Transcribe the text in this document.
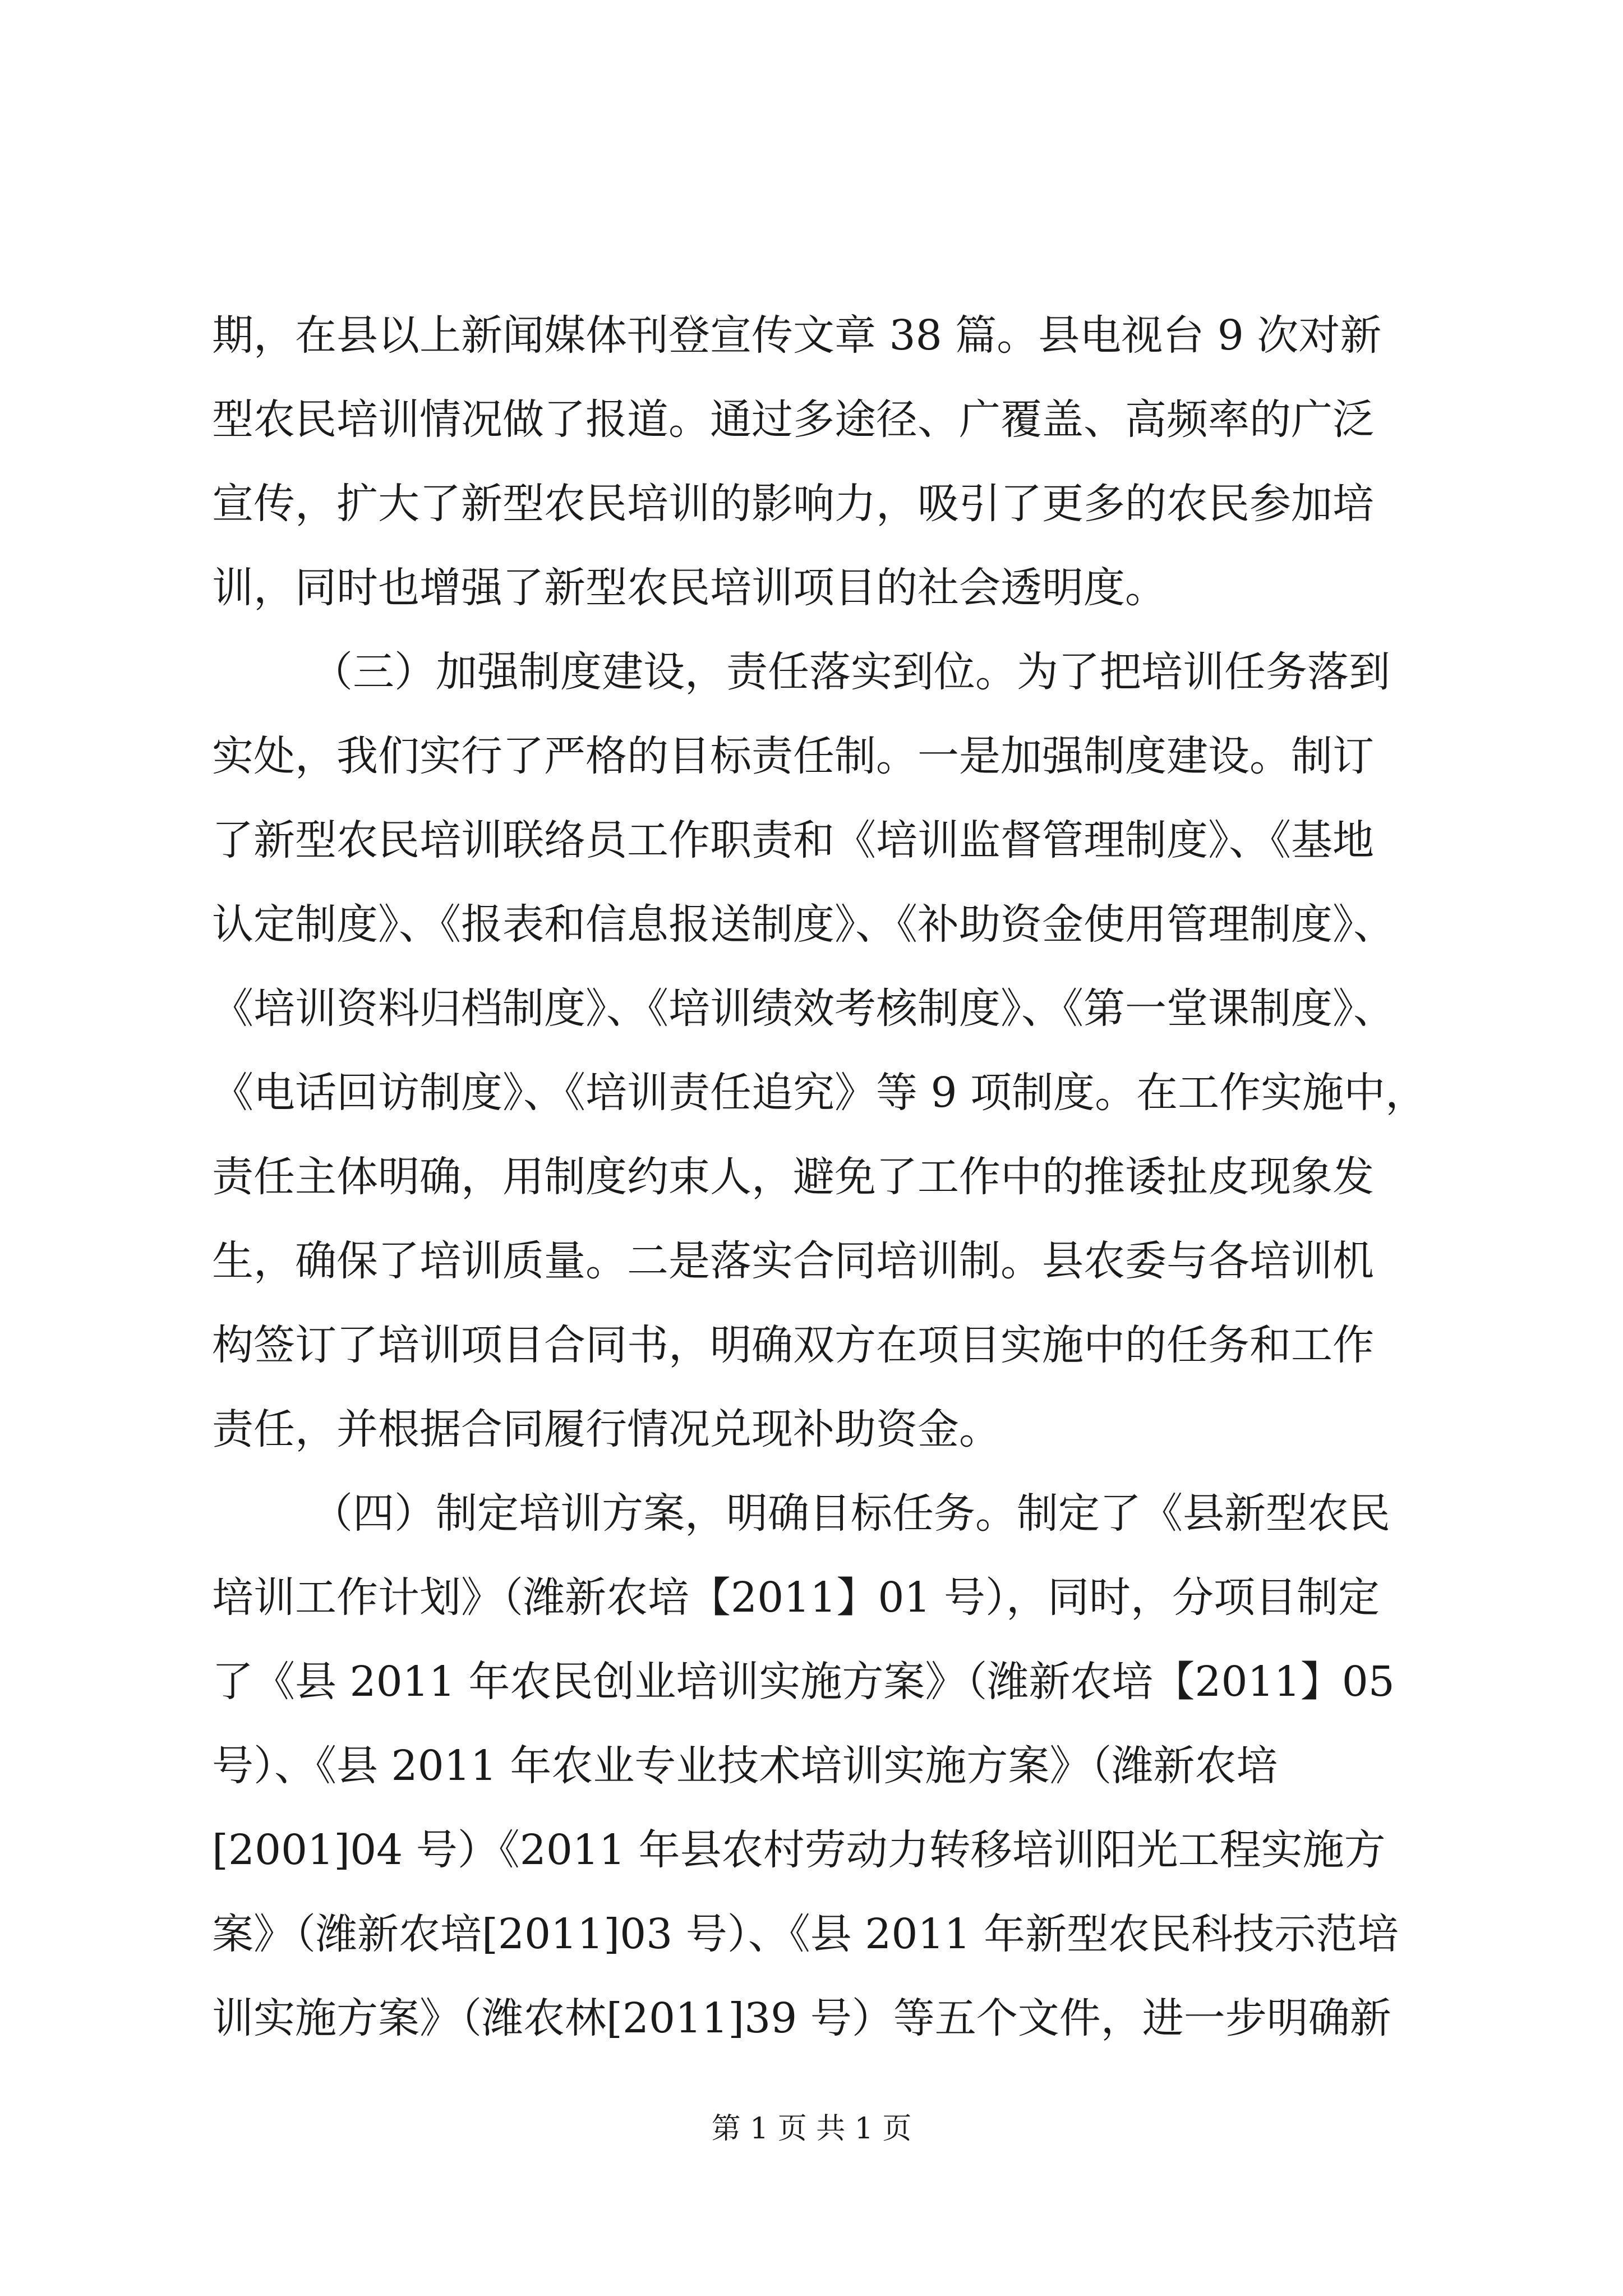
期，在县以上新闻媒体刊登宣传文章 38 篇。县电视台 9 次对新

型农民培训情况做了报道。通过多途径、广覆盖、高频率的广泛

宣传，扩大了新型农民培训的影响力，吸引了更多的农民参加培

训，同时也增强了新型农民培训项目的社会透明度。

（三）加强制度建设，责任落实到位。为了把培训任务落到

实处，我们实行了严格的目标责任制。一是加强制度建设。制订

了新型农民培训联络员工作职责和《培训监督管理制度》、《基地

认定制度》、《报表和信息报送制度》、《补助资金使用管理制度》、

《培训资料归档制度》、《培训绩效考核制度》、《第一堂课制度》、

《电话回访制度》、《培训责任追究》等 9 项制度。在工作实施中，

责任主体明确，用制度约束人，避免了工作中的推诿扯皮现象发

生，确保了培训质量。二是落实合同培训制。县农委与各培训机

构签订了培训项目合同书，明确双方在项目实施中的任务和工作

责任，并根据合同履行情况兑现补助资金。

（四）制定培训方案，明确目标任务。制定了《县新型农民

培训工作计划》（潍新农培【2011】01 号），同时，分项目制定

了《县 2011 年农民创业培训实施方案》（潍新农培【2011】05

号）、《县 2011 年农业专业技术培训实施方案》（潍新农培

[2001]04 号）《2011 年县农村劳动力转移培训阳光工程实施方

案》（潍新农培[2011]03 号）、《县 2011 年新型农民科技示范培

训实施方案》（潍农林[2011]39 号）等五个文件，进一步明确新

第 1 页 共 1 页
